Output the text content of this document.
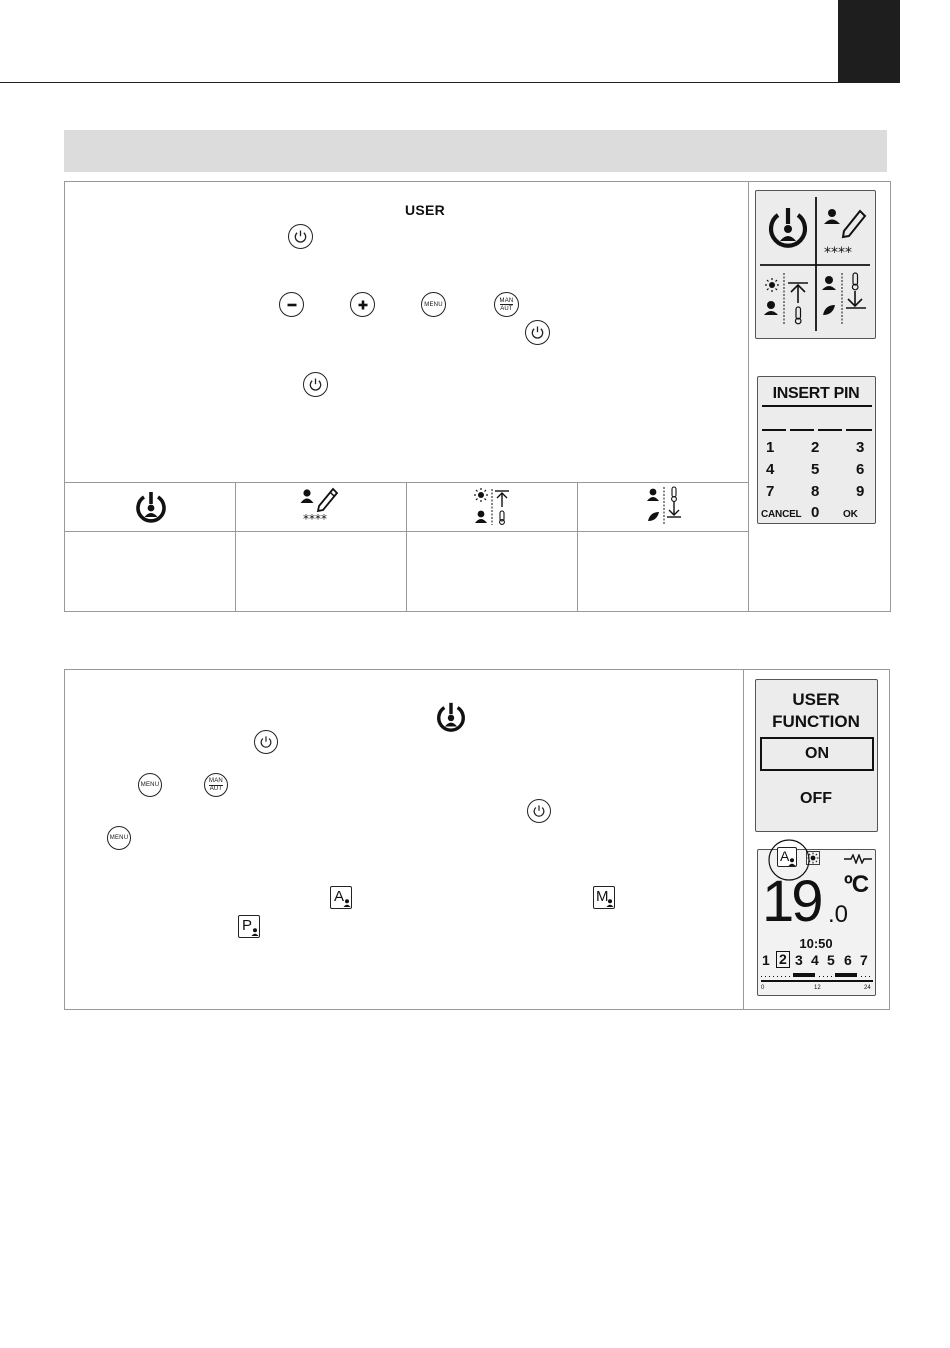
USER
MENU	$\frac{\text{MAN}}{\text{AUT}}$
****
****
INSERT PIN
1 2 3
4 5 6
7 8 9
CANCEL 0 OK
MENU	$\frac{\text{MAN}}{\text{AUT}}$
MENU
A	M
P
USER
FUNCTION
ON
OFF
A
19 .0
ºC
10:50
1 2 3 4 5 6 7
0	12	24
